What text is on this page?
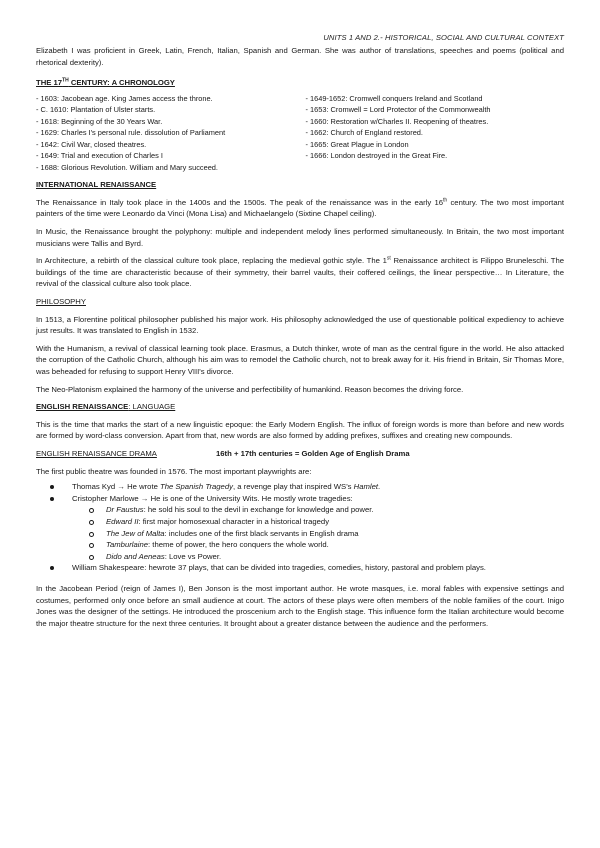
UNITS 1 AND 2.- HISTORICAL, SOCIAL AND CULTURAL CONTEXT

Elizabeth I was proficient in Greek, Latin, French, Italian, Spanish and German. She was author of translations, speeches and poems (political and rhetorical dexterity).

THE 17TH CENTURY: A CHRONOLOGY
- 1603: Jacobean age. King James access the throne.
- C. 1610: Plantation of Ulster starts.
- 1618: Beginning of the 30 Years War.
- 1629: Charles I's personal rule. dissolution of Parliament
- 1642: Civil War, closed theatres.
- 1649: Trial and execution of Charles I
- 1688: Glorious Revolution. William and Mary succeed.
- 1649-1652: Cromwell conquers Ireland and Scotland
- 1653: Cromwell = Lord Protector of the Commonwealth
- 1660: Restoration w/Charles II. Reopening of theatres.
- 1662: Church of England restored.
- 1665: Great Plague in London
- 1666: London destroyed in the Great Fire.
INTERNATIONAL RENAISSANCE

The Renaissance in Italy took place in the 1400s and the 1500s. The peak of the renaissance was in the early 16th century. The two most important painters of the time were Leonardo da Vinci (Mona Lisa) and Michaelangelo (Sixtine Chapel ceiling).

In Music, the Renaissance brought the polyphony: multiple and independent melody lines performed simultaneously. In Britain, the two most important musicians were Tallis and Byrd.

In Architecture, a rebirth of the classical culture took place, replacing the medieval gothic style. The 1st Renaissance architect is Filippo Bruneleschi. The buildings of the time are characteristic because of their symmetry, their barrel vaults, their coffered ceilings, the linear perspective… In Literature, the revival of the classical culture also took place.

PHILOSOPHY

In 1513, a Florentine political philosopher published his major work. His philosophy acknowledged the use of questionable political expediency to achieve just results. It was translated to English in 1532.

With the Humanism, a revival of classical learning took place. Erasmus, a Dutch thinker, wrote of man as the central figure in the world. He also attacked the corruption of the Catholic Church, although his aim was to remodel the Catholic church, not to break away for it. His friend in Britain, Sir Thomas More, was beheaded for refusing to support Henry VIII's divorce.

The Neo-Platonism explained the harmony of the universe and perfectibility of humankind. Reason becomes the driving force.

ENGLISH RENAISSANCE: LANGUAGE

This is the time that marks the start of a new linguistic epoque: the Early Modern English. The influx of foreign words is more than before and new words are formed by word-class conversion. Apart from that, new words are also formed by adding prefixes, suffixes and creating new compounds.

ENGLISH RENAISSANCE DRAMA	16th + 17th centuries = Golden Age of English Drama

The first public theatre was founded in 1576. The most important playwrights are:

Thomas Kyd → He wrote The Spanish Tragedy, a revenge play that inspired WS's Hamlet.
Cristopher Marlowe → He is one of the University Wits. He mostly wrote tragedies:
Dr Faustus: he sold his soul to the devil in exchange for knowledge and power.
Edward II: first major homosexual character in a historical tragedy
The Jew of Malta: includes one of the first black servants in English drama
Tamburlaine: theme of power, the hero conquers the whole world.
Dido and Aeneas: Love vs Power.
William Shakespeare: hewrote 37 plays, that can be divided into tragedies, comedies, history, pastoral and problem plays.

In the Jacobean Period (reign of James I), Ben Jonson is the most important author. He wrote masques, i.e. moral fables with expensive settings and costumes, performed only once before an small audience at court. The actors of these plays were often members of the noble families of the court. Inigo Jones was the designer of the settings. He introduced the proscenium arch to the English stage. This influence form the Italian architecture would become the major theatre structure for the next three centuries. It brought about a greater distance between the audience and the performers.
